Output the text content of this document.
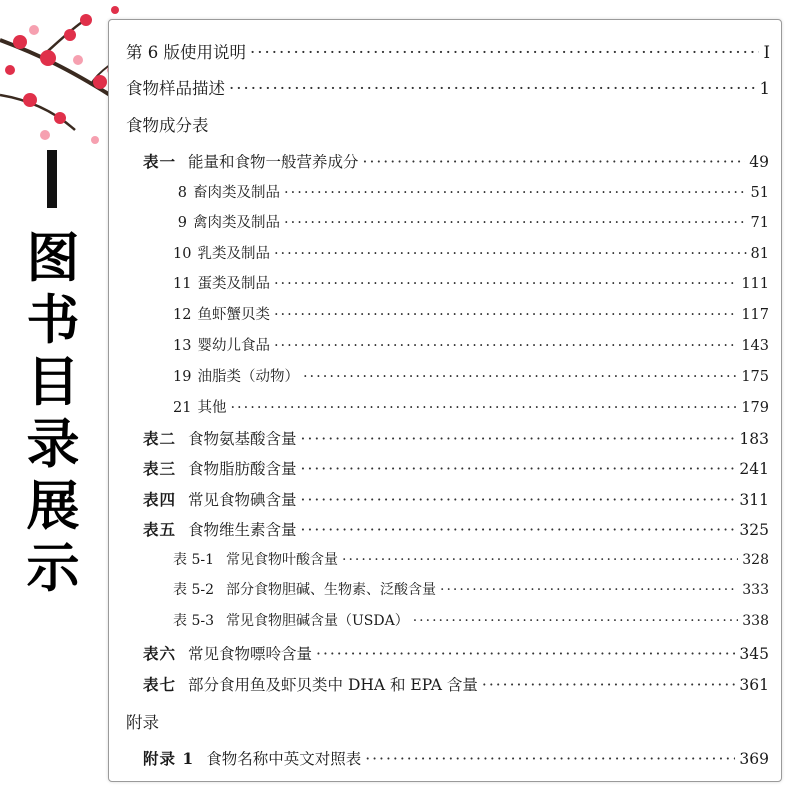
图
书
目
录
展
示
第 6 版使用说明 ·····	I
食物样品描述 ·····	1
食物成分表
表一 能量和食物一般营养成分 ·····	49
8 畜肉类及制品 ·····	51
9 禽肉类及制品 ·····	71
10 乳类及制品 ·····	81
11 蛋类及制品 ·····	111
12 鱼虾蟹贝类 ·····	117
13 婴幼儿食品 ·····	143
19 油脂类（动物） ·····	175
21 其他 ·····	179
表二 食物氨基酸含量 ·····	183
表三 食物脂肪酸含量 ·····	241
表四 常见食物碘含量 ·····	311
表五 食物维生素含量 ·····	325
表 5-1 常见食物叶酸含量 ·····	328
表 5-2 部分食物胆碱、生物素、泛酸含量 ·····	333
表 5-3 常见食物胆碱含量（USDA） ·····	338
表六 常见食物嘌呤含量 ·····	345
表七 部分食用鱼及虾贝类中 DHA 和 EPA 含量 ·····	361
附录
附录 1 食物名称中英文对照表 ·····	369
